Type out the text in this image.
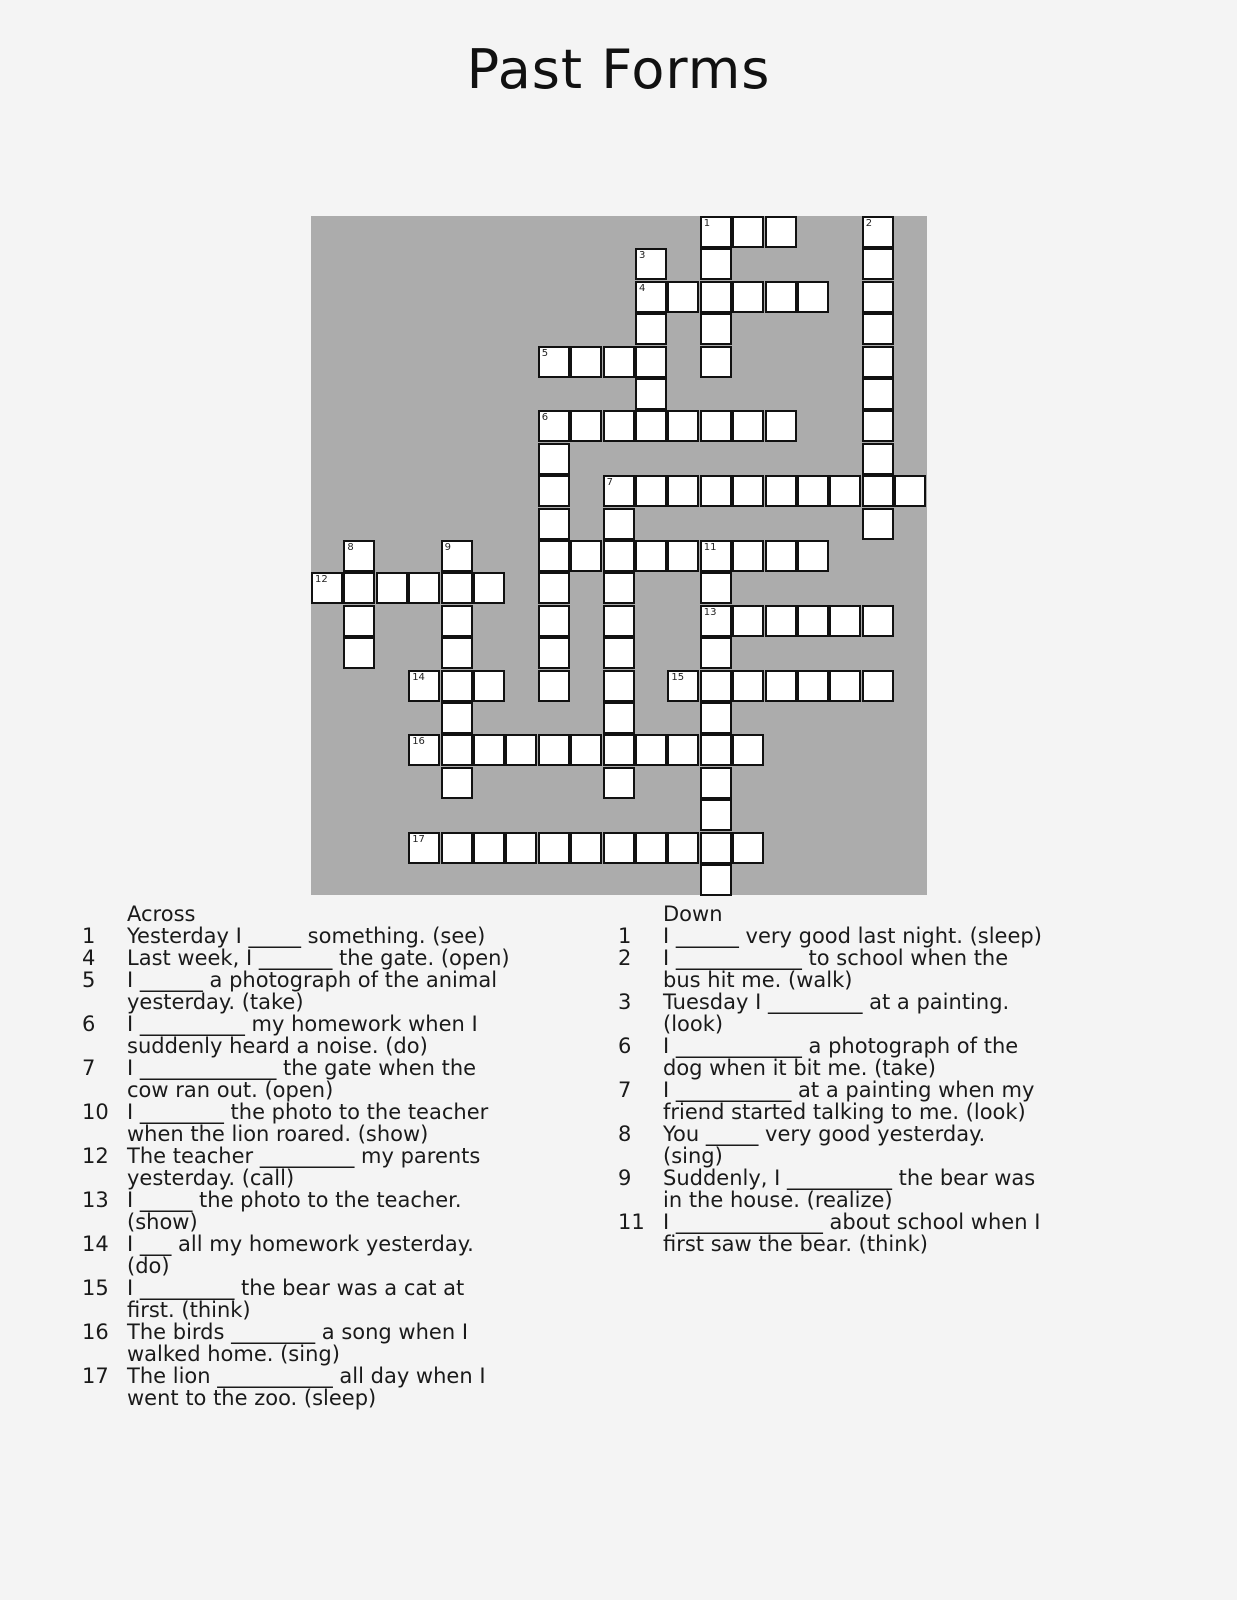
Past Forms
1	2
3
4
5
6
7
8	9	11
12
13
14	15
16
17
Across
1	Yesterday I _____ something. (see)
4	Last week, I _______ the gate. (open)
5	I ______ a photograph of the animal yesterday. (take)
6	I __________ my homework when I suddenly heard a noise. (do)
7	I _____________ the gate when the cow ran out. (open)
10 I ________ the photo to the teacher when the lion roared. (show)
12 The teacher _________ my parents yesterday. (call)
13 I _____ the photo to the teacher. (show)
14 I ___ all my homework yesterday. (do)
15 I _________ the bear was a cat at first. (think)
16 The birds ________ a song when I walked home. (sing)
17 The lion ___________ all day when I went to the zoo. (sleep)
Down
1	I ______ very good last night. (sleep)
2	I ____________ to school when the bus hit me. (walk)
3	Tuesday I _________ at a painting. (look)
6	I ____________ a photograph of the dog when it bit me. (take)
7	I ___________ at a painting when my friend started talking to me. (look)
8	You _____ very good yesterday. (sing)
9	Suddenly, I __________ the bear was in the house. (realize)
11 I ______________ about school when I first saw the bear. (think)
